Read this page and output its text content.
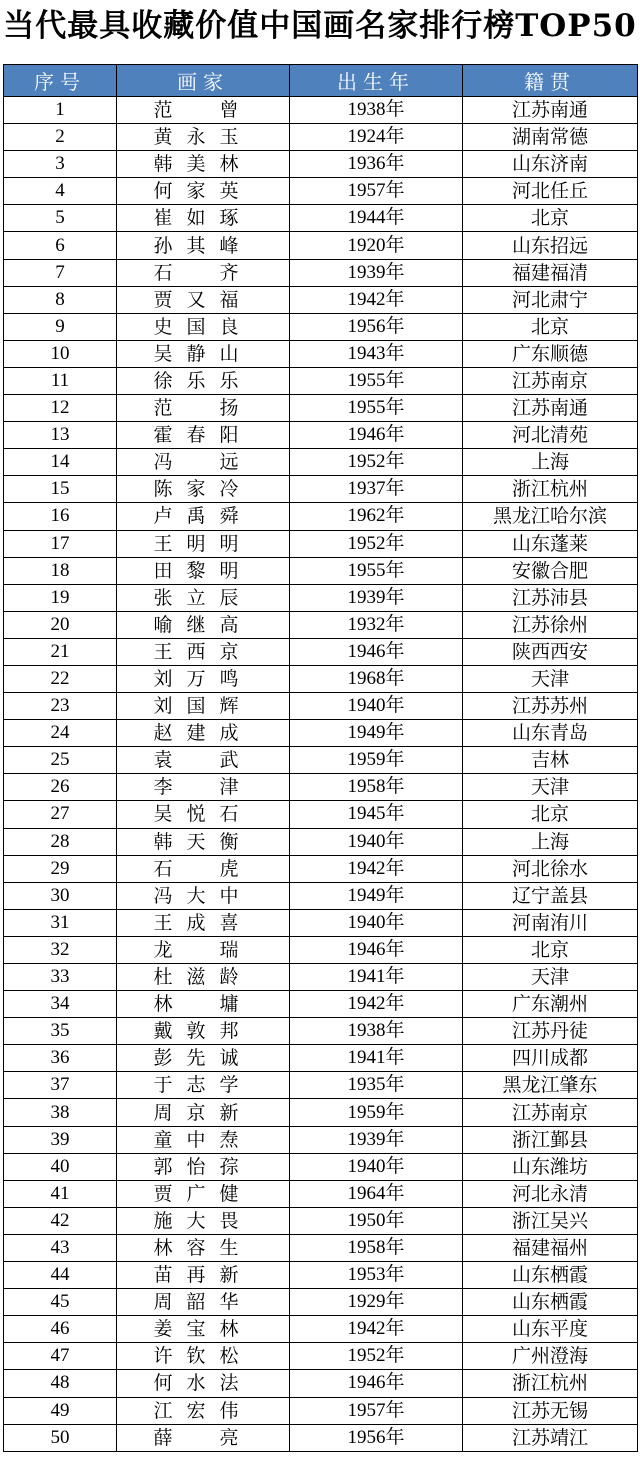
当代最具收藏价值中国画名家排行榜TOP50
序号	画家	出生年	籍贯
1	范　曾	1938年	江苏南通
2	黄永玉	1924年	湖南常德
3	韩美林	1936年	山东济南
4	何家英	1957年	河北任丘
5	崔如琢	1944年	北京
6	孙其峰	1920年	山东招远
7	石　齐	1939年	福建福清
8	贾又福	1942年	河北肃宁
9	史国良	1956年	北京
10	吴静山	1943年	广东顺德
11	徐乐乐	1955年	江苏南京
12	范　扬	1955年	江苏南通
13	霍春阳	1946年	河北清苑
14	冯　远	1952年	上海
15	陈家冷	1937年	浙江杭州
16	卢禹舜	1962年	黑龙江哈尔滨
17	王明明	1952年	山东蓬莱
18	田黎明	1955年	安徽合肥
19	张立辰	1939年	江苏沛县
20	喻继高	1932年	江苏徐州
21	王西京	1946年	陕西西安
22	刘万鸣	1968年	天津
23	刘国辉	1940年	江苏苏州
24	赵建成	1949年	山东青岛
25	袁　武	1959年	吉林
26	李　津	1958年	天津
27	吴悦石	1945年	北京
28	韩天衡	1940年	上海
29	石　虎	1942年	河北徐水
30	冯大中	1949年	辽宁盖县
31	王成喜	1940年	河南洧川
32	龙　瑞	1946年	北京
33	杜滋龄	1941年	天津
34	林　墉	1942年	广东潮州
35	戴敦邦	1938年	江苏丹徒
36	彭先诚	1941年	四川成都
37	于志学	1935年	黑龙江肇东
38	周京新	1959年	江苏南京
39	童中焘	1939年	浙江鄞县
40	郭怡孮	1940年	山东潍坊
41	贾广健	1964年	河北永清
42	施大畏	1950年	浙江吴兴
43	林容生	1958年	福建福州
44	苗再新	1953年	山东栖霞
45	周韶华	1929年	山东栖霞
46	姜宝林	1942年	山东平度
47	许钦松	1952年	广州澄海
48	何水法	1946年	浙江杭州
49	江宏伟	1957年	江苏无锡
50	薛　亮	1956年	江苏靖江
